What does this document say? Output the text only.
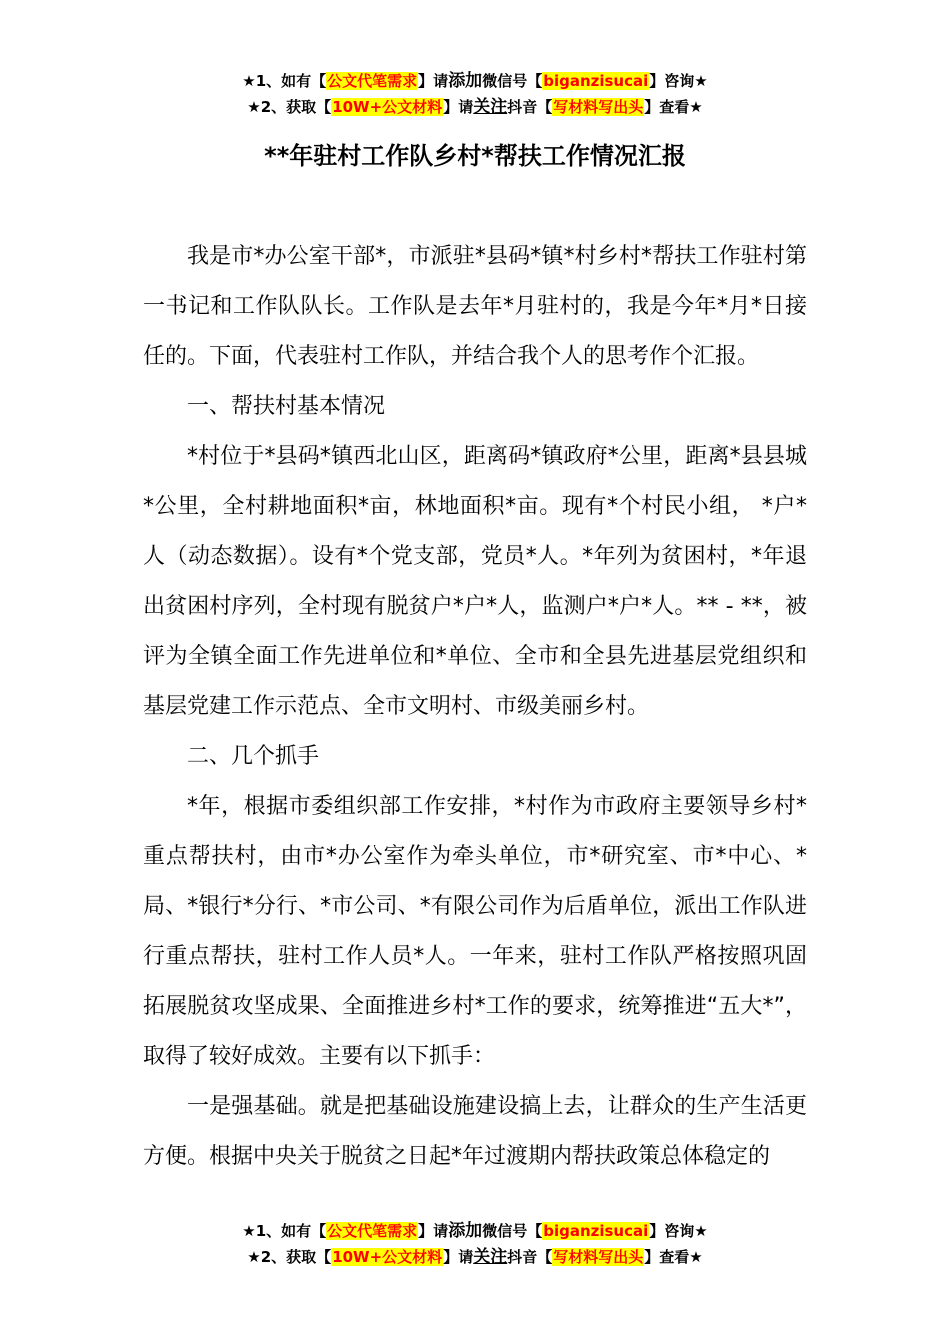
★1、如有【公文代笔需求】请添加微信号【biganzisucai】咨询★
★2、获取【10W+公文材料】请关注抖音【写材料写出头】查看★
**年驻村工作队乡村*帮扶工作情况汇报

我是市*办公室干部*，市派驻*县码*镇*村乡村*帮扶工作驻村第一书记和工作队队长。工作队是去年*月驻村的，我是今年*月*日接任的。下面，代表驻村工作队，并结合我个人的思考作个汇报。

一、帮扶村基本情况

*村位于*县码*镇西北山区，距离码*镇政府*公里，距离*县县城*公里，全村耕地面积*亩，林地面积*亩。现有*个村民小组， *户*人（动态数据）。设有*个党支部，党员*人。*年列为贫困村，*年退出贫困村序列，全村现有脱贫户*户*人，监测户*户*人。** - **，被评为全镇全面工作先进单位和*单位、全市和全县先进基层党组织和基层党建工作示范点、全市文明村、市级美丽乡村。

二、几个抓手

*年，根据市委组织部工作安排，*村作为市政府主要领导乡村*重点帮扶村，由市*办公室作为牵头单位，市*研究室、市*中心、*局、*银行*分行、*市公司、*有限公司作为后盾单位，派出工作队进行重点帮扶，驻村工作人员*人。一年来，驻村工作队严格按照巩固拓展脱贫攻坚成果、全面推进乡村*工作的要求，统筹推进“五大*”，取得了较好成效。主要有以下抓手：

一是强基础。就是把基础设施建设搞上去，让群众的生产生活更方便。根据中央关于脱贫之日起*年过渡期内帮扶政策总体稳定的

★1、如有【公文代笔需求】请添加微信号【biganzisucai】咨询★
★2、获取【10W+公文材料】请关注抖音【写材料写出头】查看★
